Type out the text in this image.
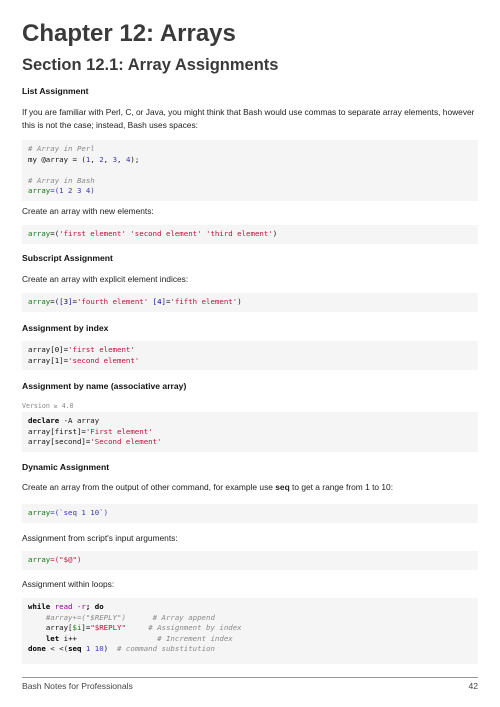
Chapter 12: Arrays
Section 12.1: Array Assignments
List Assignment
If you are familiar with Perl, C, or Java, you might think that Bash would use commas to separate array elements, however this is not the case; instead, Bash uses spaces:
# Array in Perl
my @array = (1, 2, 3, 4);

# Array in Bash
array=(1 2 3 4)
Create an array with new elements:
array=('first element' 'second element' 'third element')
Subscript Assignment
Create an array with explicit element indices:
array=([3]='fourth element' [4]='fifth element')
Assignment by index
array[0]='first element'
array[1]='second element'
Assignment by name (associative array)
Version ≥ 4.0
declare -A array
array[first]='First element'
array[second]='Second element'
Dynamic Assignment
Create an array from the output of other command, for example use seq to get a range from 1 to 10:
array=(`seq 1 10`)
Assignment from script's input arguments:
array=("$@")
Assignment within loops:
while read -r; do
#array+=("$REPLY")	# Array append
array[$i]="$REPLY"	# Assignment by index
let i++	# Increment index
done < <(seq 1 10) # command substitution
Bash Notes for Professionals	42
